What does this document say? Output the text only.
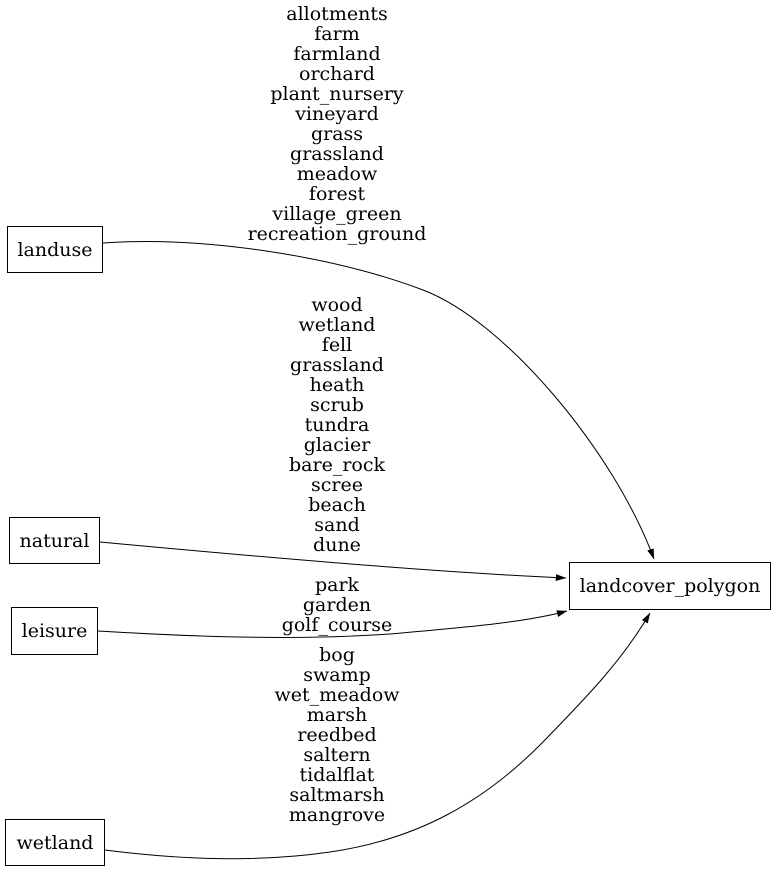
landuse
natural
leisure
wetland
landcover_polygon
allotments
farm
farmland
orchard
plant_nursery
vineyard
grass
grassland
meadow
forest
village_green
recreation_ground
wood
wetland
fell
grassland
heath
scrub
tundra
glacier
bare_rock
scree
beach
sand
dune
park
garden
golf_course
bog
swamp
wet_meadow
marsh
reedbed
saltern
tidalflat
saltmarsh
mangrove
